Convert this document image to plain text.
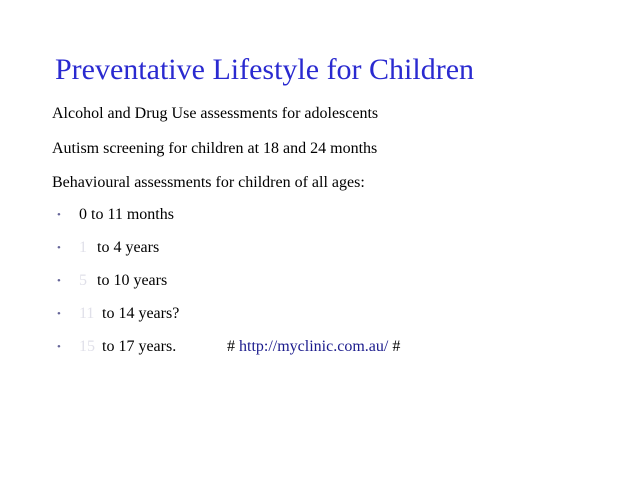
Preventative Lifestyle for Children
Alcohol and Drug Use assessments for adolescents
Autism screening for children at 18 and 24 months
Behavioural assessments for children of all ages:
•	0 to 11 months
•	1 to 4 years
•	5 to 10 years
•	11 to 14 years?
•	15 to 17 years.	# http://myclinic.com.au/ #
